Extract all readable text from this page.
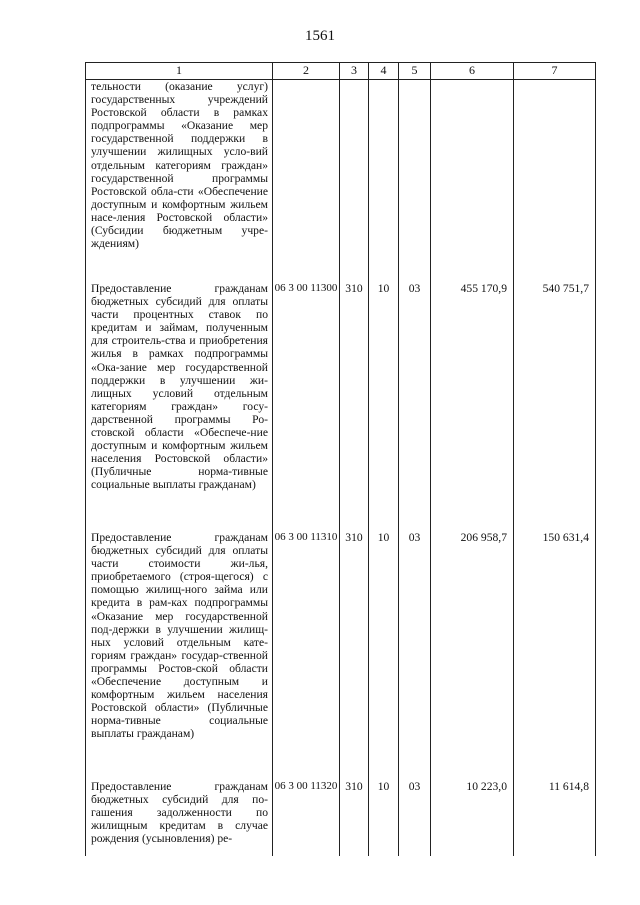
1561
1	2	3	4	5	6	7
тельности (оказание услуг) государственных учреждений Ростовской области в рамках подпрограммы «Оказание мер государственной поддержки в улучшении жилищных усло-вий отдельным категориям граждан» государственной программы Ростовской обла-сти «Обеспечение доступным и комфортным жильем насе-ления Ростовской области» (Субсидии бюджетным учре-ждениям)						
Предоставление гражданам бюджетных субсидий для оплаты части процентных ставок по кредитам и займам, полученным для строитель-ства и приобретения жилья в рамках подпрограммы «Ока-зание мер государственной поддержки в улучшении жи-лищных условий отдельным категориям граждан» госу-дарственной программы Ро-стовской области «Обеспече-ние доступным и комфортным жильем населения Ростовской области» (Публичные норма-тивные социальные выплаты гражданам)	06 3 00 11300	310	10	03	455 170,9	540 751,7
Предоставление гражданам бюджетных субсидий для оплаты части стоимости жи-лья, приобретаемого (строя-щегося) с помощью жилищ-ного займа или кредита в рам-ках подпрограммы «Оказание мер государственной под-держки в улучшении жилищ-ных условий отдельным кате-гориям граждан» государ-ственной программы Ростов-ской области «Обеспечение доступным и комфортным жильем населения Ростовской области» (Публичные норма-тивные социальные выплаты гражданам)	06 3 00 11310	310	10	03	206 958,7	150 631,4
Предоставление гражданам бюджетных субсидий для по-гашения задолженности по жилищным кредитам в случае рождения (усыновления) ре-	06 3 00 11320	310	10	03	10 223,0	11 614,8
